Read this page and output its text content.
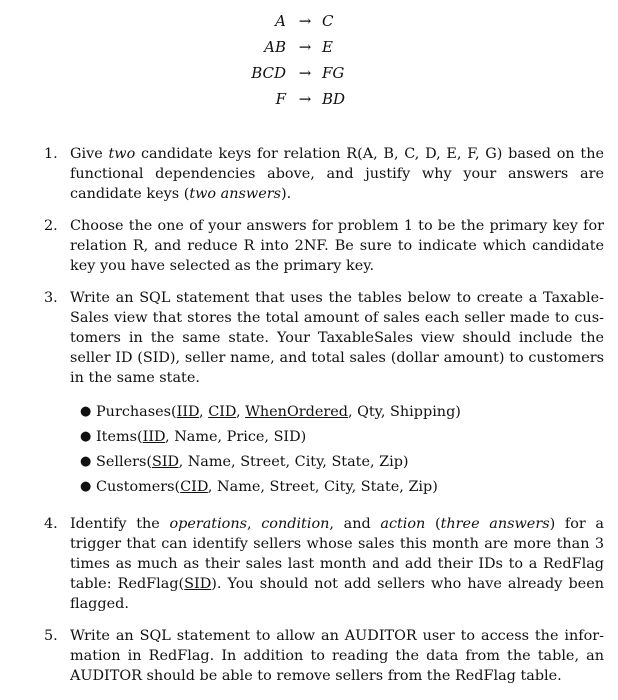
A → C
AB → E
BCD → FG
F → BD
1. Give two candidate keys for relation R(A, B, C, D, E, F, G) based on the functional dependencies above, and justify why your answers are candidate keys (two answers).
2. Choose the one of your answers for problem 1 to be the primary key for relation R, and reduce R into 2NF. Be sure to indicate which candidate key you have selected as the primary key.
3. Write an SQL statement that uses the tables below to create a Taxable-Sales view that stores the total amount of sales each seller made to cus-tomers in the same state. Your TaxableSales view should include the seller ID (SID), seller name, and total sales (dollar amount) to customers in the same state.
● Purchases(IID, CID, WhenOrdered, Qty, Shipping)
● Items(IID, Name, Price, SID)
● Sellers(SID, Name, Street, City, State, Zip)
● Customers(CID, Name, Street, City, State, Zip)
4. Identify the operations, condition, and action (three answers) for a trigger that can identify sellers whose sales this month are more than 3 times as much as their sales last month and add their IDs to a RedFlag table: RedFlag(SID). You should not add sellers who have already been flagged.
5. Write an SQL statement to allow an AUDITOR user to access the infor-mation in RedFlag. In addition to reading the data from the table, an AUDITOR should be able to remove sellers from the RedFlag table.
